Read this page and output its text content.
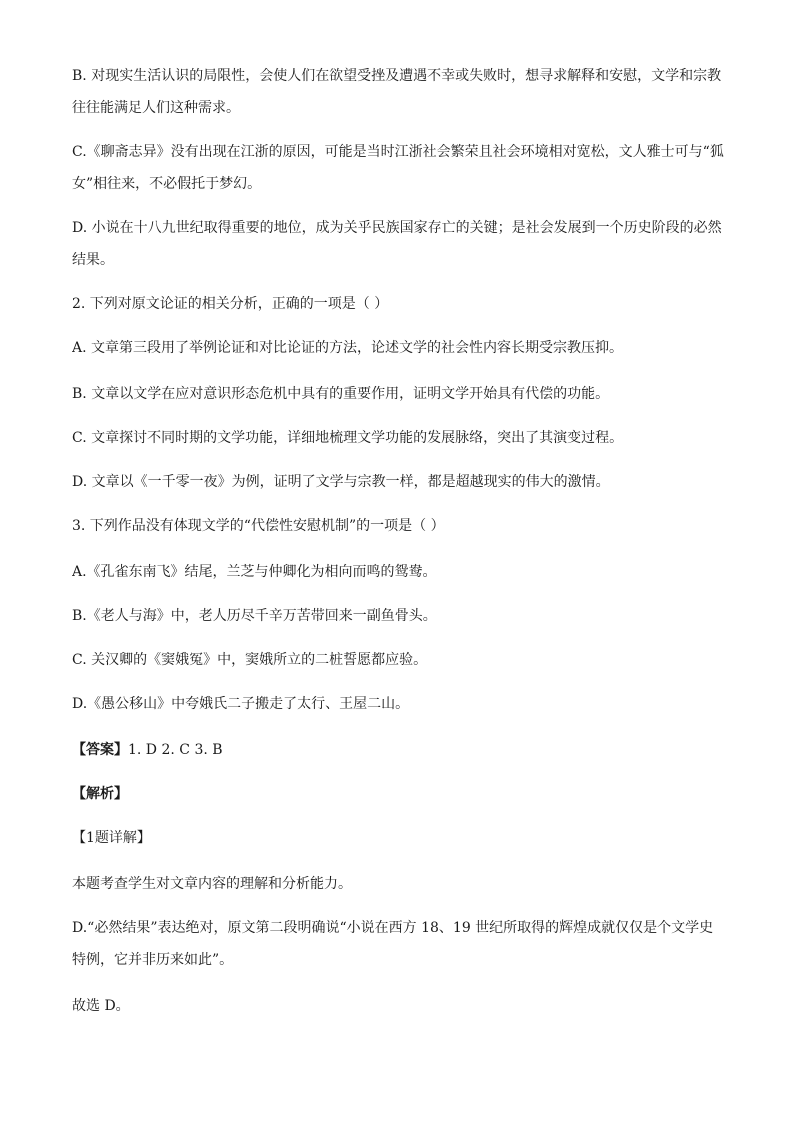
B. 对现实生活认识的局限性，会使人们在欲望受挫及遭遇不幸或失败时，想寻求解释和安慰，文学和宗教
往往能满足人们这种需求。
C.《聊斋志异》没有出现在江浙的原因，可能是当时江浙社会繁荣且社会环境相对宽松，文人雅士可与“狐
女”相往来，不必假托于梦幻。
D. 小说在十八九世纪取得重要的地位，成为关乎民族国家存亡的关键；是社会发展到一个历史阶段的必然
结果。
2. 下列对原文论证的相关分析，正确的一项是（ ）
A. 文章第三段用了举例论证和对比论证的方法，论述文学的社会性内容长期受宗教压抑。
B. 文章以文学在应对意识形态危机中具有的重要作用，证明文学开始具有代偿的功能。
C. 文章探讨不同时期的文学功能，详细地梳理文学功能的发展脉络，突出了其演变过程。
D. 文章以《一千零一夜》为例，证明了文学与宗教一样，都是超越现实的伟大的激情。
3. 下列作品没有体现文学的“代偿性安慰机制”的一项是（ ）
A.《孔雀东南飞》结尾，兰芝与仲卿化为相向而鸣的鸳鸯。
B.《老人与海》中，老人历尽千辛万苦带回来一副鱼骨头。
C. 关汉卿的《窦娥冤》中，窦娥所立的二桩誓愿都应验。
D.《愚公移山》中夸娥氏二子搬走了太行、王屋二山。
【答案】1. D 2. C 3. B
【解析】
【1题详解】
本题考查学生对文章内容的理解和分析能力。
D.“必然结果”表达绝对，原文第二段明确说“小说在西方 18、19 世纪所取得的辉煌成就仅仅是个文学史
特例，它并非历来如此”。
故选 D。
